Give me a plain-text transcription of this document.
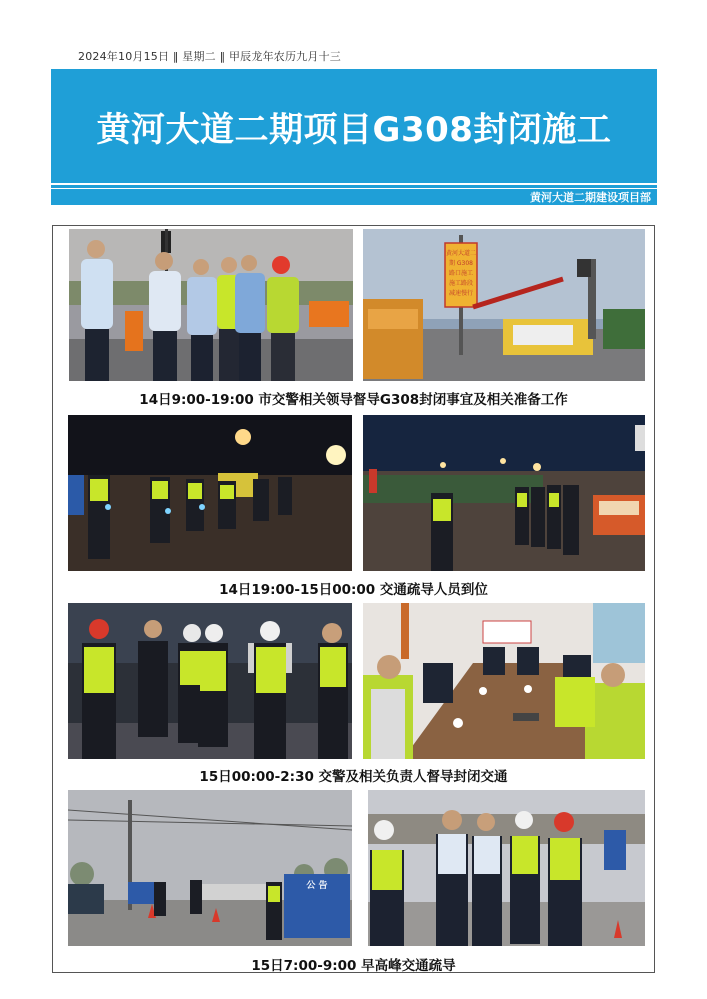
2024年10月15日 ‖ 星期二 ‖ 甲辰龙年农历九月十三
黄河大道二期项目G308封闭施工
黄河大道二期建设项目部
黄河大道二
期 G308
路口施工
施工路段
减速慢行
14日9:00-19:00 市交警相关领导督导G308封闭事宜及相关准备工作
14日19:00-15日00:00 交通疏导人员到位
15日00:00-2:30 交警及相关负责人督导封闭交通
公 告
15日7:00-9:00 早高峰交通疏导
